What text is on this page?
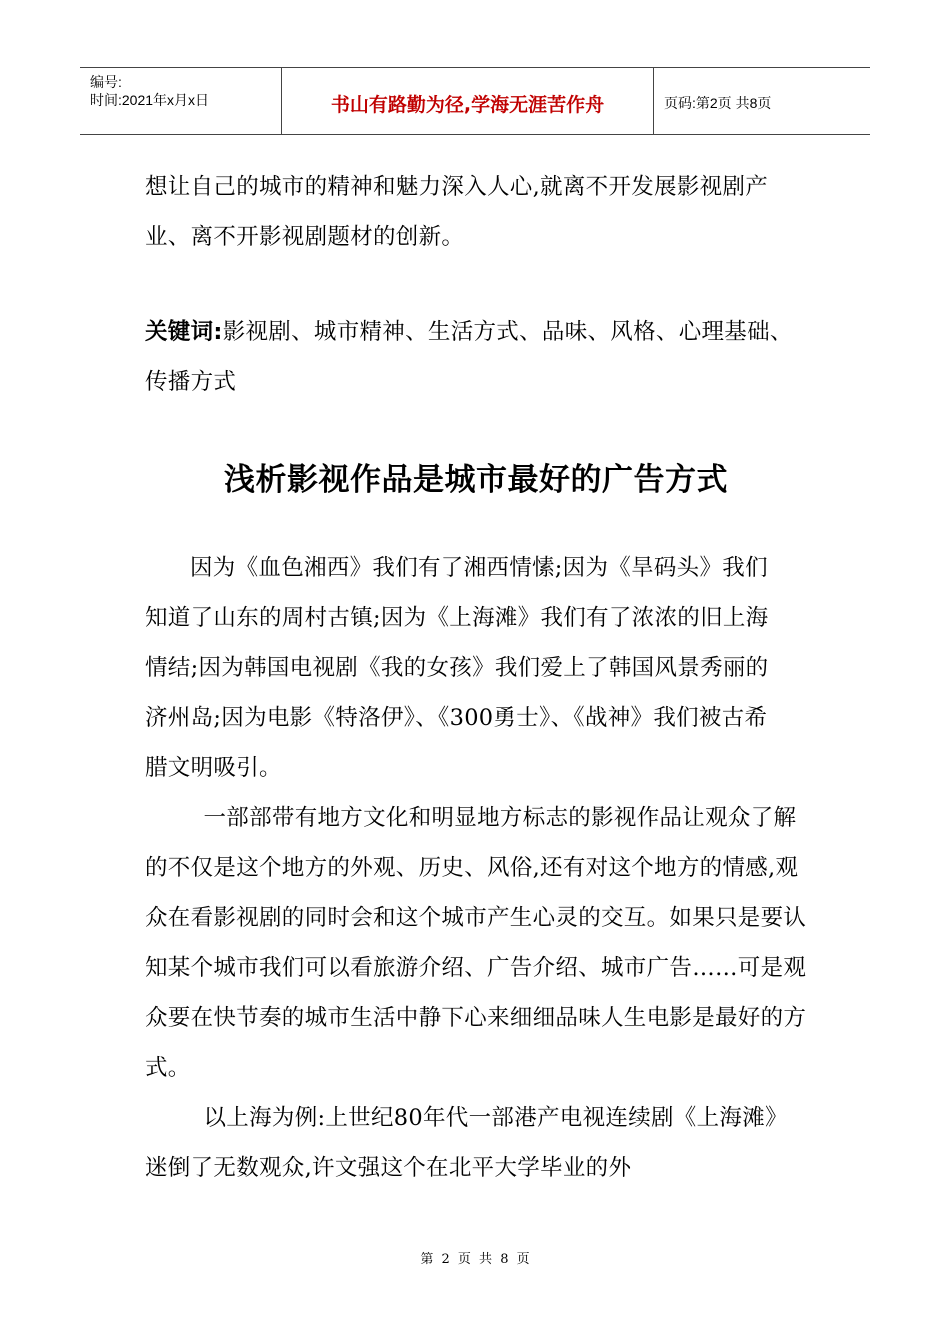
编号:
时间:2021年x月x日	书山有路勤为径,学海无涯苦作舟	页码:第2页 共8页

想让自己的城市的精神和魅力深入人心,就离不开发展影视剧产业、离不开影视剧题材的创新。

关键词:影视剧、城市精神、生活方式、品味、风格、心理基础、传播方式

浅析影视作品是城市最好的广告方式

因为《血色湘西》我们有了湘西情愫;因为《旱码头》我们知道了山东的周村古镇;因为《上海滩》我们有了浓浓的旧上海情结;因为韩国电视剧《我的女孩》我们爱上了韩国风景秀丽的济州岛;因为电影《特洛伊》、《300勇士》、《战神》我们被古希腊文明吸引。

一部部带有地方文化和明显地方标志的影视作品让观众了解的不仅是这个地方的外观、历史、风俗,还有对这个地方的情感,观众在看影视剧的同时会和这个城市产生心灵的交互。如果只是要认知某个城市我们可以看旅游介绍、广告介绍、城市广告……可是观众要在快节奏的城市生活中静下心来细细品味人生电影是最好的方式。

以上海为例:上世纪80年代一部港产电视连续剧《上海滩》迷倒了无数观众,许文强这个在北平大学毕业的外

第 2 页 共 8 页
